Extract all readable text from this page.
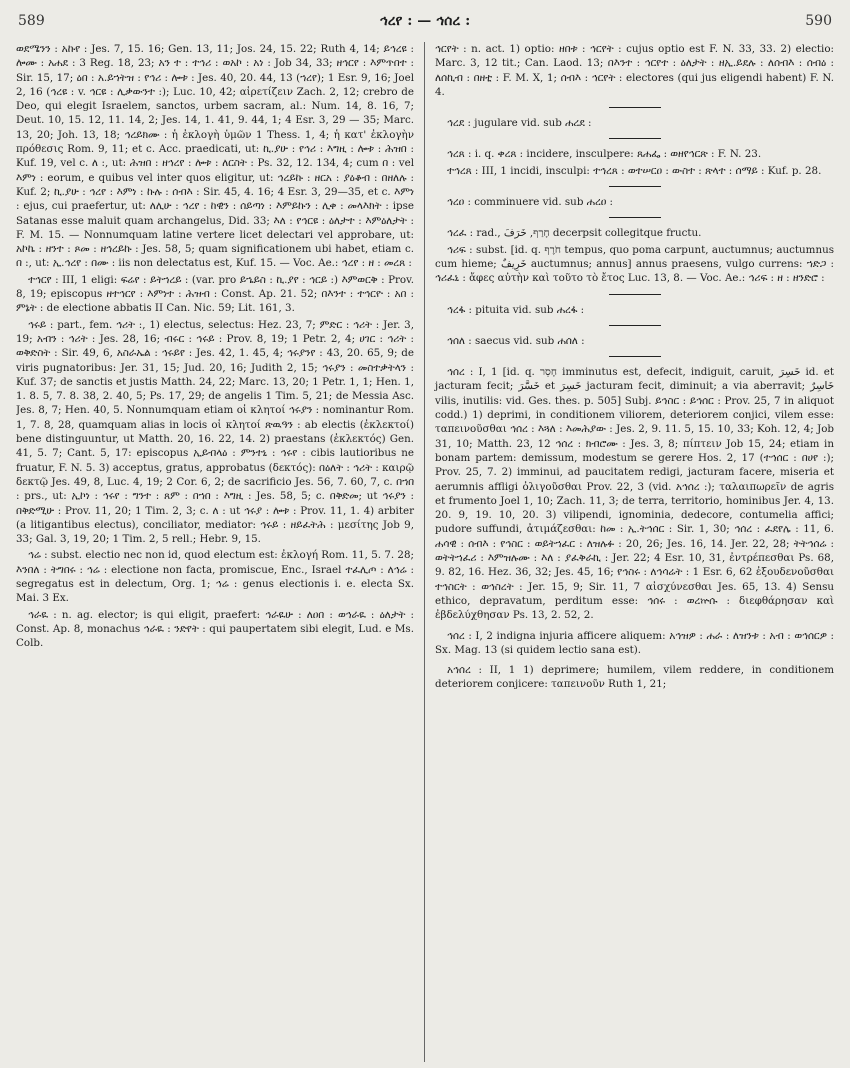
589	ኅረየ : — ኅሰረ :	590

ወደሜንን : አኩየ : Jes. 7, 15. 16; Gen. 13, 11; Jos. 24, 15. 22; Ruth 4, 14; ይኅረዩ : ሎሙ : አሐደ : 3 Reg. 18, 23; አን ተ : ተኅሪ : ወአኮ : አነ : Job 34, 33; ዘኅርየ : እምጥበተ : Sir. 15, 17; ዕበ : አ.ይኀትዝ : የኅሪ : ሎቱ : Jes. 40, 20. 44, 13 (ኀረየ); 1 Esr. 9, 16; Joel 2, 16 (ኅረዩ : v. ኅርዩ : ሊቃውንተ :); Luc. 10, 42; αἱρετίζειν Zach. 2, 12; crebro de Deo, qui elegit Israelem, sanctos, urbem sacram, al.: Num. 14, 8. 16, 7; Deut. 10, 15. 12, 11. 14, 2; Jes. 14, 1. 41, 9. 44, 1; 4 Esr. 3, 29 — 35; Marc. 13, 20; Joh. 13, 18; ኅረይክሙ : ἡ ἐκλογὴ ὑμῶν 1 Thess. 1, 4; ἡ κατ' ἐκλογὴν πρόθεσις Rom. 9, 11; et c. Acc. praedicati, ut: ኪ.ያሁ : የኅሪ : እግዚ : ሎቱ : ሕዝበ : Kuf. 19, vel c. ለ :, ut: ሕዝበ : ዘኅረየ : ሎቱ : ለርስት : Ps. 32, 12. 134, 4; cum በ : vel እምነ : eorum, e quibus vel inter quos eligitur, ut: ኅረይኩ : ዘርአ : ያዕቆብ : በዘለሉ : Kuf. 2; ኪ.ያሁ : ኅረየ : እምነ : ኩሉ : ሰብእ : Sir. 45, 4. 16; 4 Esr. 3, 29—35, et c. እምነ : ejus, cui praefertur, ut: ለሊሁ : ኅረየ : ከዊን : ሰይጣነ : እምይኩን : ሊቀ : መላእክት : ipse Satanas esse maluit quam archangelus, Did. 33; እለ : የኅርዩ : ዕለታተ : እምዕለታት : F. M. 15. — Nonnumquam latine vertere licet delectari vel approbare, ut: አኮኬ : ዘንተ : ጾመ : ዘኅረይኩ : Jes. 58, 5; quam significationem ubi habet, etiam c. በ :, ut: ኢ.ኅረየ : በሙ : iis non delectatus est, Kuf. 15. — Voc. Ae.: ኅረየ : ዘ : መረጸ :

ተኅርየ : III, 1 eligi: ፍሬየ : ይትኀረይ : (var. pro ይኄይስ : ኪ.ያየ : ኅርይ :) እምወርቅ : Prov. 8, 19; episcopus ዘተኅርየ : እምነተ : ሕዝብ : Const. Ap. 21. 52; በእንተ : ተኅርዮ : አበ : ምኔት : de electione abbatis II Can. Nic. 59; Lit. 161, 3.

ኅሩይ : part., fem. ኅሪት :, 1) electus, selectus: Hez. 23, 7; ምድር : ኅሪት : Jer. 3, 19; አብን : ኅሪት : Jes. 28, 16; ብሩር : ኅሩይ : Prov. 8, 19; 1 Petr. 2, 4; ሀገር : ኅሪት : ወቅድስት : Sir. 49, 6, አስራኤል : ኅሩይየ : Jes. 42, 1. 45, 4; ኅሩያንየ : 43, 20. 65, 9; de viris pugnatoribus: Jer. 31, 15; Jud. 20, 16; Judith 2, 15; ኅሩያን : መስተቃትላን : Kuf. 37; de sanctis et justis Matth. 24, 22; Marc. 13, 20; 1 Petr. 1, 1; Hen. 1, 1. 8. 5, 7. 8. 38, 2. 40, 5; Ps. 17, 29; de angelis 1 Tim. 5, 21; de Messia Asc. Jes. 8, 7; Hen. 40, 5. Nonnumquam etiam οἱ κλητοί ኅሩያን : nominantur Rom. 1, 7. 8, 28, quamquam alias in locis οἱ κλητοί ጽዉዓን : ab electis (ἐκλεκτοί) bene distinguuntur, ut Matth. 20, 16. 22, 14. 2) praestans (ἐκλεκτός) Gen. 41, 5. 7; Cant. 5, 17: episcopus ኢይብላዕ : ምንተኒ : ኅሩየ : cibis lautioribus ne fruatur, F. N. 5. 3) acceptus, gratus, approbatus (δεκτός): በዕለት : ኅሪት : καιρῷ δεκτῷ Jes. 49, 8, Luc. 4, 19; 2 Cor. 6, 2; de sacrificio Jes. 56, 7. 60, 7, c. በኀበ : prs., ut: ኢኮነ : ኅሩየ : ግንተ : ጸም : በኀበ : እግዚ : Jes. 58, 5; c. በቅድመ; ut ኅሩያን : በቅድሚሁ : Prov. 11, 20; 1 Tim. 2, 3; c. ለ : ut ኅሩያ : ሎቱ : Prov. 11, 1. 4) arbiter (a litigantibus electus), conciliator, mediator: ኅሩይ : ዘይፈትሕ : μεσίτης Job 9, 33; Gal. 3, 19, 20; 1 Tim. 2, 5 rell.; Hebr. 9, 15.

ኅሬ : subst. electio nec non id, quod electum est: ἐκλογή Rom. 11, 5. 7. 28; እንበለ : ትግበሩ : ኅሬ : electione non facta, promiscue, Enc., Israel ተፈሊጦ : ለኅሬ : segregatus est in delectum, Org. 1; ኅሬ : genus electionis i. e. electa Sx. Mai. 3 Ex.

ኅራዪ : n. ag. elector; is qui eligit, praefert: ኅራዪሁ : ለዐበ : ወኅራዪ : ዕለታት : Const. Ap. 8, monachus ኅራዪ : ንድየት : qui paupertatem sibi elegit, Lud. e Ms. Colb.

ኅርየት : n. act. 1) optio: ዘበቱ : ኅርየት : cujus optio est F. N. 33, 33. 2) electio: Marc. 3, 12 tit.; Can. Laod. 13; በእንተ : ኅርየተ : ዕለታት : ዘኢ.ይደሉ : ለሰብእ : ሰብዕ : ለሰኪብ : በዘቲ : F. M. X, 1; ሰብእ : ኅርየት : electores (qui jus eligendi habent) F. N. 4.

ኅረደ : jugulare vid. sub ሐረደ :

ኅረጸ : i. q. ቀረጸ : incidere, insculpere: ጸሐፌ : ወዘየኅርጽ : F. N. 23.

ተኅረጸ : III, 1 incidi, insculpi: ተኅረጸ : ወተሠርዐ : ውስተ : ጽላተ : ሰማይ : Kuf. p. 28.

ኅረዐ : comminuere vid. sub ሐረዐ :

ኅረፈ : rad., חָרַף, خَرَفَ decerpsit collegitque fructu.

ኅሪፍ : subst. [id. q. חֹרֶף tempus, quo poma carpunt, auctumnus; auctumnus cum hieme; خَرِيفٌ auctumnus; annus] annus praesens, vulgo currens: ኀድጋ : ኅሪፈኒ : ἄφες αὐτὴν καὶ τοῦτο τὸ ἔτος Luc. 13, 8. — Voc. Ae.: ኅሪፍ : ዘ : ዘንድሮ :

ኅረፋ : pituita vid. sub ሐረፋ :

ኅሰለ : saecus vid. sub ሐሰለ :

ኅሰረ : I, 1 [id. q. חָסֵר imminutus est, defecit, indiguit, caruit, خَسِرَ id. et jacturam fecit; خَسَّرَ et خَسِرَ jacturam fecit, diminuit; a via aberravit; خَاسِرٌ vilis, inutilis: vid. Ges. thes. p. 505] Subj. ይኅስር : ይኅሰር : Prov. 25, 7 in aliquot codd.) 1) deprimi, in conditionem viliorem, deteriorem conjici, vilem esse: ταπεινοῦσθαι ኅሰረ : እጓለ : እመሕያው : Jes. 2, 9. 11. 5, 15. 10, 33; Koh. 12, 4; Job 31, 10; Matth. 23, 12 ኅሰረ : ክብሮሙ : Jes. 3, 8; πίπτειν Job 15, 24; etiam in bonam partem: demissum, modestum se gerere Hos. 2, 17 (ተኅሰር : በሀየ :); Prov. 25, 7. 2) imminui, ad paucitatem redigi, jacturam facere, miseria et aerumnis affligi ὀλιγοῦσθαι Prov. 22, 3 (vid. አኅሰረ :); ταλαιπωρεῖν de agris et frumento Joel 1, 10; Zach. 11, 3; de terra, territorio, hominibus Jer. 4, 13. 20. 9, 19. 10, 20. 3) vilipendi, ignominia, dedecore, contumelia affici; pudore suffundi, ἀτιμάζεσθαι: ከመ : ኢ.ትኅሰር : Sir. 1, 30; ኅሰረ : ፈደየሌ : 11, 6. ሐሳዊ : ሰብእ : የኅስር : ወይትኀፈር : ለዝሉፉ : 20, 26; Jes. 16, 14. Jer. 22, 28; ትትኅሰሬ : ወትትኀፈሪ : እምዝሉሙ : እለ : ያፈቅራኪ : Jer. 22; 4 Esr. 10, 31, ἐντρέπεσθαι Ps. 68, 9. 82, 16. Hez. 36, 32; Jes. 45, 16; የኅስሩ : ለኅሳሬት : 1 Esr. 6, 62 ἐξουδενοῦσθαι ተኅስርት : ወኅስረት : Jer. 15, 9; Sir. 11, 7 αἰσχύνεσθαι Jes. 65, 13. 4) Sensu ethico, depravatum, perditum esse: ኅሰሩ : ወረኵሱ : διεφθάρησαν καὶ ἐβδελύχθησαν Ps. 13, 2. 52, 2.

ኅሰረ : I, 2 indigna injuria afficere aliquem: አኅዝዎ : ሐራ : ለዝንቱ : አብ : ወኅሰርዎ : Sx. Mag. 13 (si quidem lectio sana est).

አኅሰረ : II, 1 1) deprimere; humilem, vilem reddere, in conditionem deteriorem conjicere: ταπεινοῦν Ruth 1, 21;
